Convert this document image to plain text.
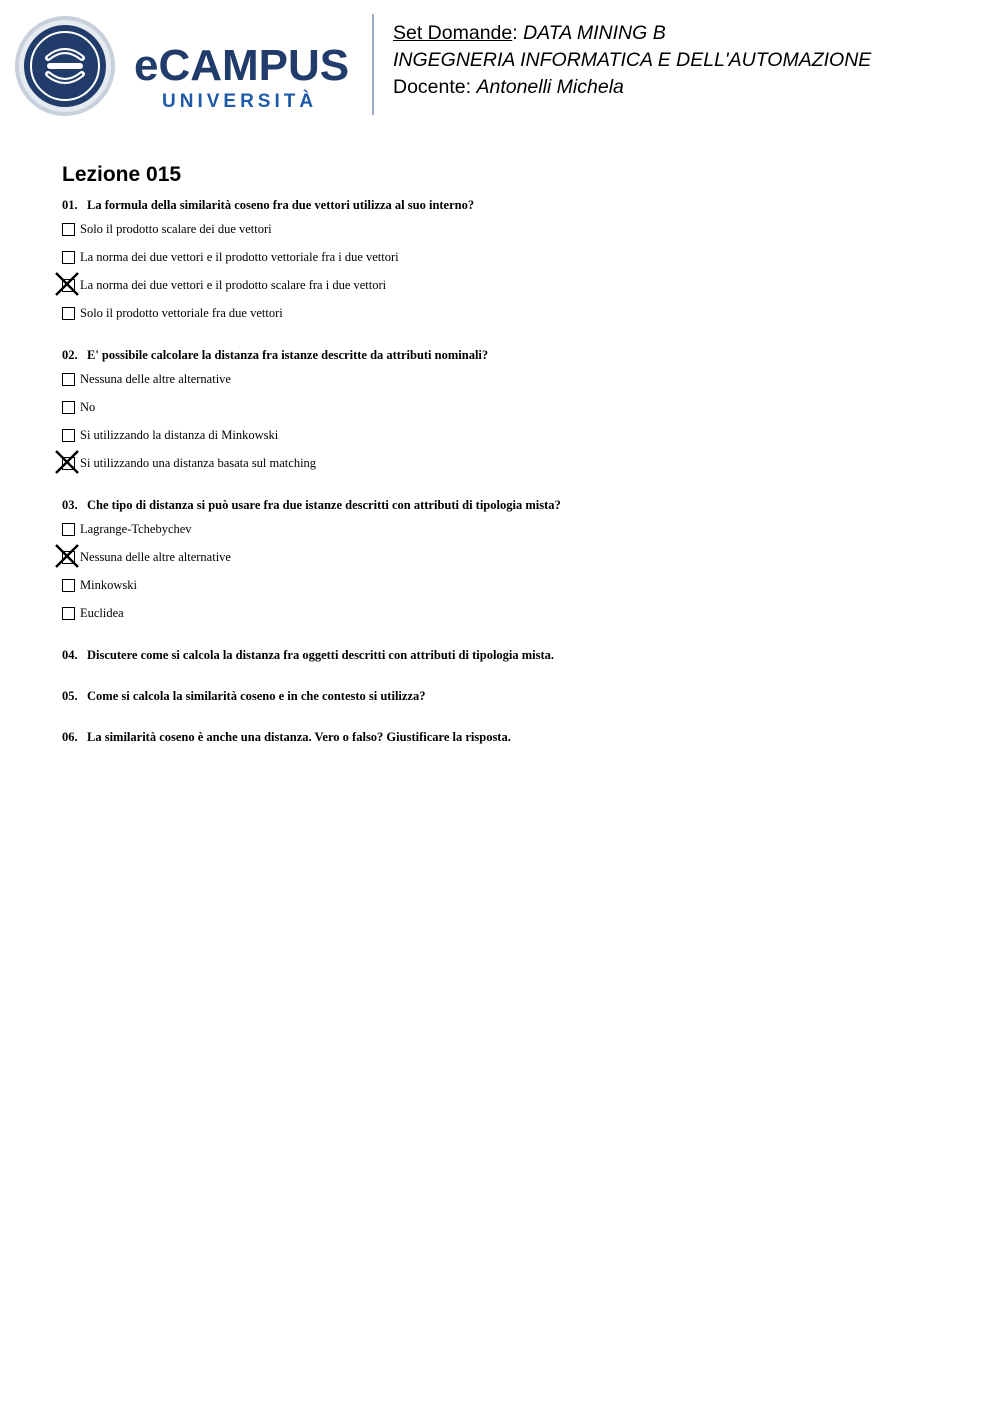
eCAMPUS
UNIVERSITÀ
Set Domande: DATA MINING B
INGEGNERIA INFORMATICA E DELL'AUTOMAZIONE
Docente: Antonelli Michela
Lezione 015
01. La formula della similarità coseno fra due vettori utilizza al suo interno?
Solo il prodotto scalare dei due vettori
La norma dei due vettori e il prodotto vettoriale fra i due vettori
La norma dei due vettori e il prodotto scalare fra i due vettori
Solo il prodotto vettoriale fra due vettori
02. E' possibile calcolare la distanza fra istanze descritte da attributi nominali?
Nessuna delle altre alternative
No
Si utilizzando la distanza di Minkowski
Si utilizzando una distanza basata sul matching
03. Che tipo di distanza si può usare fra due istanze descritti con attributi di tipologia mista?
Lagrange-Tchebychev
Nessuna delle altre alternative
Minkowski
Euclidea
04. Discutere come si calcola la distanza fra oggetti descritti con attributi di tipologia mista.
05. Come si calcola la similarità coseno e in che contesto si utilizza?
06. La similarità coseno è anche una distanza. Vero o falso? Giustificare la risposta.
